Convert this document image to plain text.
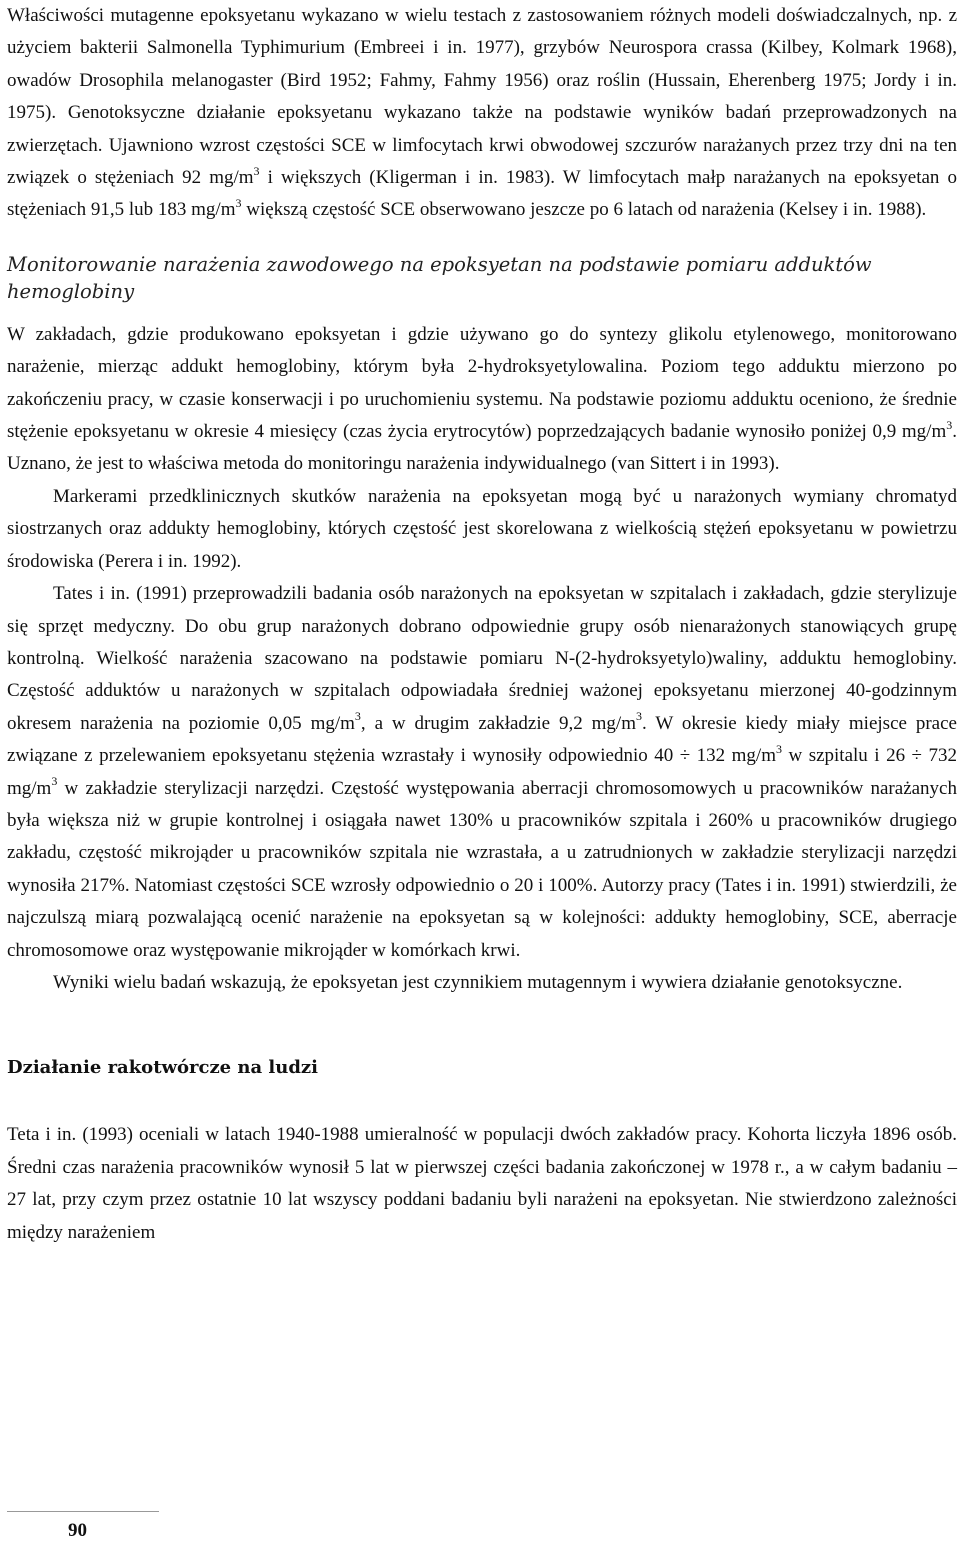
Właściwości mutagenne epoksyetanu wykazano w wielu testach z zastosowaniem różnych modeli doświadczalnych, np. z użyciem bakterii Salmonella Typhimurium (Embreei i in. 1977), grzybów Neurospora crassa (Kilbey, Kolmark 1968), owadów Drosophila melanogaster (Bird 1952; Fahmy, Fahmy 1956) oraz roślin (Hussain, Eherenberg 1975; Jordy i in. 1975). Genotoksyczne działanie epoksyetanu wykazano także na podstawie wyników badań przeprowadzonych na zwierzętach. Ujawniono wzrost częstości SCE w limfocytach krwi obwodowej szczurów narażanych przez trzy dni na ten związek o stężeniach 92 $mg/m^3$ i większych (Kligerman i in. 1983). W limfocytach małp narażanych na epoksyetan o stężeniach 91,5 lub 183 $mg/m^3$ większą częstość SCE obserwowano jeszcze po 6 latach od narażenia (Kelsey i in. 1988).

Monitorowanie narażenia zawodowego na epoksyetan na podstawie pomiaru adduktów hemoglobiny

W zakładach, gdzie produkowano epoksyetan i gdzie używano go do syntezy glikolu etylenowego, monitorowano narażenie, mierząc addukt hemoglobiny, którym była 2-hydroksyetylowalina. Poziom tego adduktu mierzono po zakończeniu pracy, w czasie konserwacji i po uruchomieniu systemu. Na podstawie poziomu adduktu oceniono, że średnie stężenie epoksyetanu w okresie 4 miesięcy (czas życia erytrocytów) poprzedzających badanie wynosiło poniżej 0,9 $mg/m^3$. Uznano, że jest to właściwa metoda do monitoringu narażenia indywidualnego (van Sittert i in 1993).

Markerami przedklinicznych skutków narażenia na epoksyetan mogą być u narażonych wymiany chromatyd siostrzanych oraz addukty hemoglobiny, których częstość jest skorelowana z wielkością stężeń epoksyetanu w powietrzu środowiska (Perera i in. 1992).

Tates i in. (1991) przeprowadzili badania osób narażonych na epoksyetan w szpitalach i zakładach, gdzie sterylizuje się sprzęt medyczny. Do obu grup narażonych dobrano odpowiednie grupy osób nienarażonych stanowiących grupę kontrolną. Wielkość narażenia szacowano na podstawie pomiaru N-(2-hydroksyetylo)waliny, adduktu hemoglobiny. Częstość adduktów u narażonych w szpitalach odpowiadała średniej ważonej epoksyetanu mierzonej 40-godzinnym okresem narażenia na poziomie 0,05 $mg/m^3$, a w drugim zakładzie 9,2 $mg/m^3$. W okresie kiedy miały miejsce prace związane z przelewaniem epoksyetanu stężenia wzrastały i wynosiły odpowiednio 40 ÷ 132 $mg/m^3$ w szpitalu i 26 ÷ 732 $mg/m^3$ w zakładzie sterylizacji narzędzi. Częstość występowania aberracji chromosomowych u pracowników narażanych była większa niż w grupie kontrolnej i osiągała nawet 130% u pracowników szpitala i 260% u pracowników drugiego zakładu, częstość mikrojąder u pracowników szpitala nie wzrastała, a u zatrudnionych w zakładzie sterylizacji narzędzi wynosiła 217%. Natomiast częstości SCE wzrosły odpowiednio o 20 i 100%. Autorzy pracy (Tates i in. 1991) stwierdzili, że najczulszą miarą pozwalającą ocenić narażenie na epoksyetan są w kolejności: addukty hemoglobiny, SCE, aberracje chromosomowe oraz występowanie mikrojąder w komórkach krwi.

Wyniki wielu badań wskazują, że epoksyetan jest czynnikiem mutagennym i wywiera działanie genotoksyczne.

Działanie rakotwórcze na ludzi

Teta i in. (1993) oceniali w latach 1940-1988 umieralność w populacji dwóch zakładów pracy. Kohorta liczyła 1896 osób. Średni czas narażenia pracowników wynosił 5 lat w pierwszej części badania zakończonej w 1978 r., a w całym badaniu – 27 lat, przy czym przez ostatnie 10 lat wszyscy poddani badaniu byli narażeni na epoksyetan. Nie stwierdzono zależności między narażeniem

90
